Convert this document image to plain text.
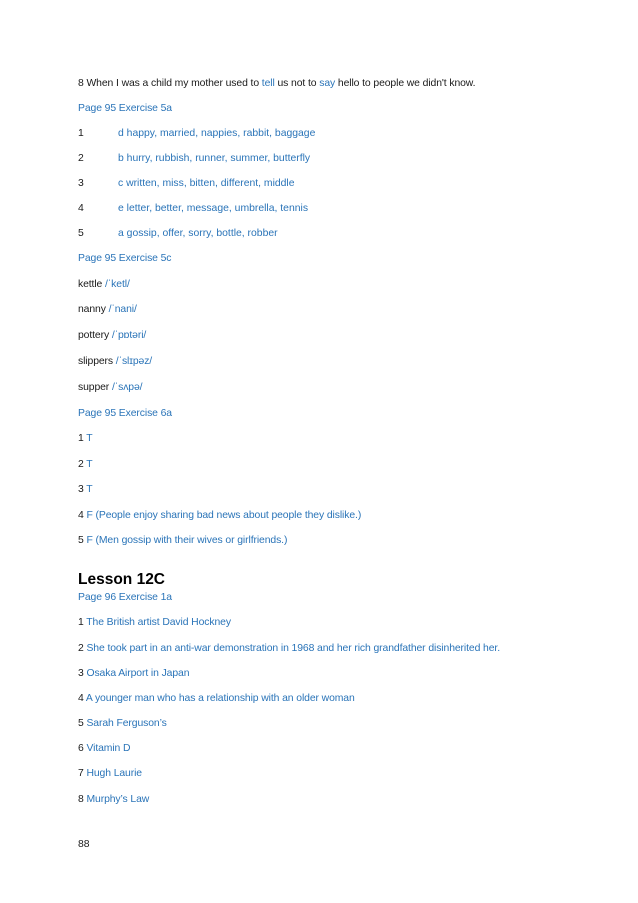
8 When I was a child my mother used to tell us not to say hello to people we didn't know.
Page 95 Exercise 5a
1	d happy, married, nappies, rabbit, baggage
2	b hurry, rubbish, runner, summer, butterfly
3	c written, miss, bitten, different, middle
4	e letter, better, message, umbrella, tennis
5	a gossip, offer, sorry, bottle, robber
Page 95 Exercise 5c
kettle /ˈketl/
nanny /ˈnani/
pottery /ˈpɒtəri/
slippers /ˈslɪpəz/
supper /ˈsʌpə/
Page 95 Exercise 6a
1 T
2 T
3 T
4 F (People enjoy sharing bad news about people they dislike.)
5 F (Men gossip with their wives or girlfriends.)
Lesson 12C
Page 96 Exercise 1a
1 The British artist David Hockney
2 She took part in an anti-war demonstration in 1968 and her rich grandfather disinherited her.
3 Osaka Airport in Japan
4 A younger man who has a relationship with an older woman
5 Sarah Ferguson’s
6 Vitamin D
7 Hugh Laurie
8 Murphy’s Law
88
